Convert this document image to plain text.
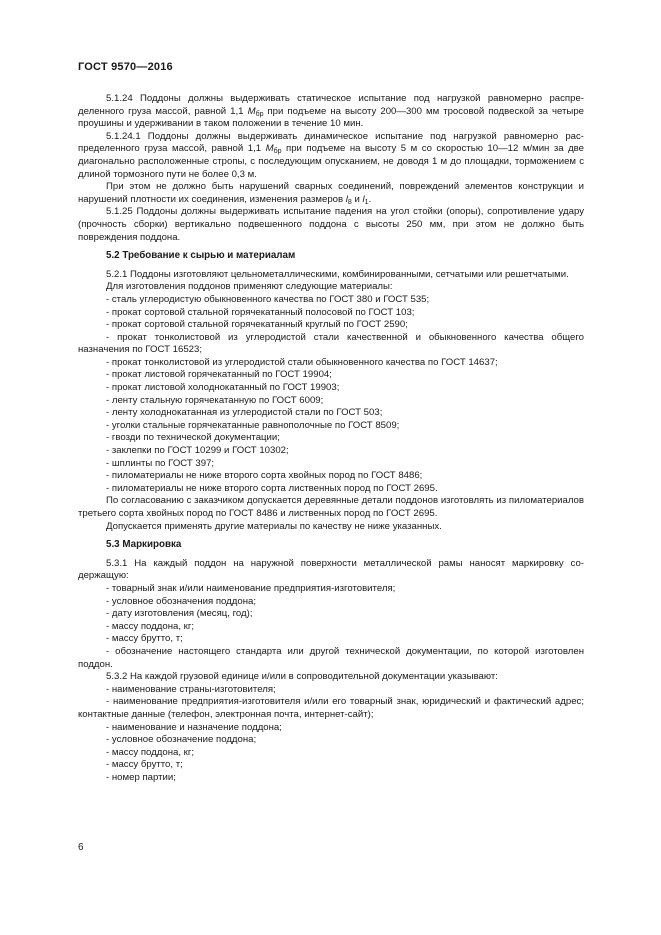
ГОСТ 9570—2016

5.1.24 Поддоны должны выдерживать статическое испытание под нагрузкой равномерно распределенного груза массой, равной 1,1 $M_{бр}$ при подъеме на высоту 200—300 мм тросовой подвеской за четыре проушины и удерживании в таком положении в течение 10 мин.

5.1.24.1 Поддоны должны выдерживать динамическое испытание под нагрузкой равномерно распределенного груза массой, равной 1,1 $M_{бр}$ при подъеме на высоту 5 м со скоростью 10—12 м/мин за две диагонально расположенные стропы, с последующим опусканием, не доводя 1 м до площадки, торможением с длиной тормозного пути не более 0,3 м.

При этом не должно быть нарушений сварных соединений, повреждений элементов конструкции и нарушений плотности их соединения, изменения размеров $l_8$ и $l_1$.

5.1.25 Поддоны должны выдерживать испытание падения на угол стойки (опоры), сопротивление удару (прочность сборки) вертикально подвешенного поддона с высоты 250 мм, при этом не должно быть повреждения поддона.

5.2 Требование к сырью и материалам

5.2.1 Поддоны изготовляют цельнометаллическими, комбинированными, сетчатыми или решетчатыми.

Для изготовления поддонов применяют следующие материалы:

- сталь углеродистую обыкновенного качества по ГОСТ 380 и ГОСТ 535;

- прокат сортовой стальной горячекатанный полосовой по ГОСТ 103;

- прокат сортовой стальной горячекатанный круглый по ГОСТ 2590;

- прокат тонколистовой из углеродистой стали качественной и обыкновенного качества общего назначения по ГОСТ 16523;

- прокат тонколистовой из углеродистой стали обыкновенного качества по ГОСТ 14637;

- прокат листовой горячекатанный по ГОСТ 19904;

- прокат листовой холоднокатанный по ГОСТ 19903;

- ленту стальную горячекатанную по ГОСТ 6009;

- ленту холоднокатанная из углеродистой стали по ГОСТ 503;

- уголки стальные горячекатанные равнополочные по ГОСТ 8509;

- гвозди по технической документации;

- заклепки по ГОСТ 10299 и ГОСТ 10302;

- шплинты по ГОСТ 397;

- пиломатериалы не ниже второго сорта хвойных пород по ГОСТ 8486;

- пиломатериалы не ниже второго сорта лиственных пород по ГОСТ 2695.

По согласованию с заказчиком допускается деревянные детали поддонов изготовлять из пиломатериалов третьего сорта хвойных пород по ГОСТ 8486 и лиственных пород по ГОСТ 2695.

Допускается применять другие материалы по качеству не ниже указанных.

5.3 Маркировка

5.3.1 На каждый поддон на наружной поверхности металлической рамы наносят маркировку содержащую:

- товарный знак и/или наименование предприятия-изготовителя;

- условное обозначения поддона;

- дату изготовления (месяц, год);

- массу поддона, кг;

- массу брутто, т;

- обозначение настоящего стандарта или другой технической документации, по которой изготовлен поддон.

5.3.2 На каждой грузовой единице и/или в сопроводительной документации указывают:

- наименование страны-изготовителя;

- наименование предприятия-изготовителя и/или его товарный знак, юридический и фактический адрес; контактные данные (телефон, электронная почта, интернет-сайт);

- наименование и назначение поддона;

- условное обозначение поддона;

- массу поддона, кг;

- массу брутто, т;

- номер партии;

6
